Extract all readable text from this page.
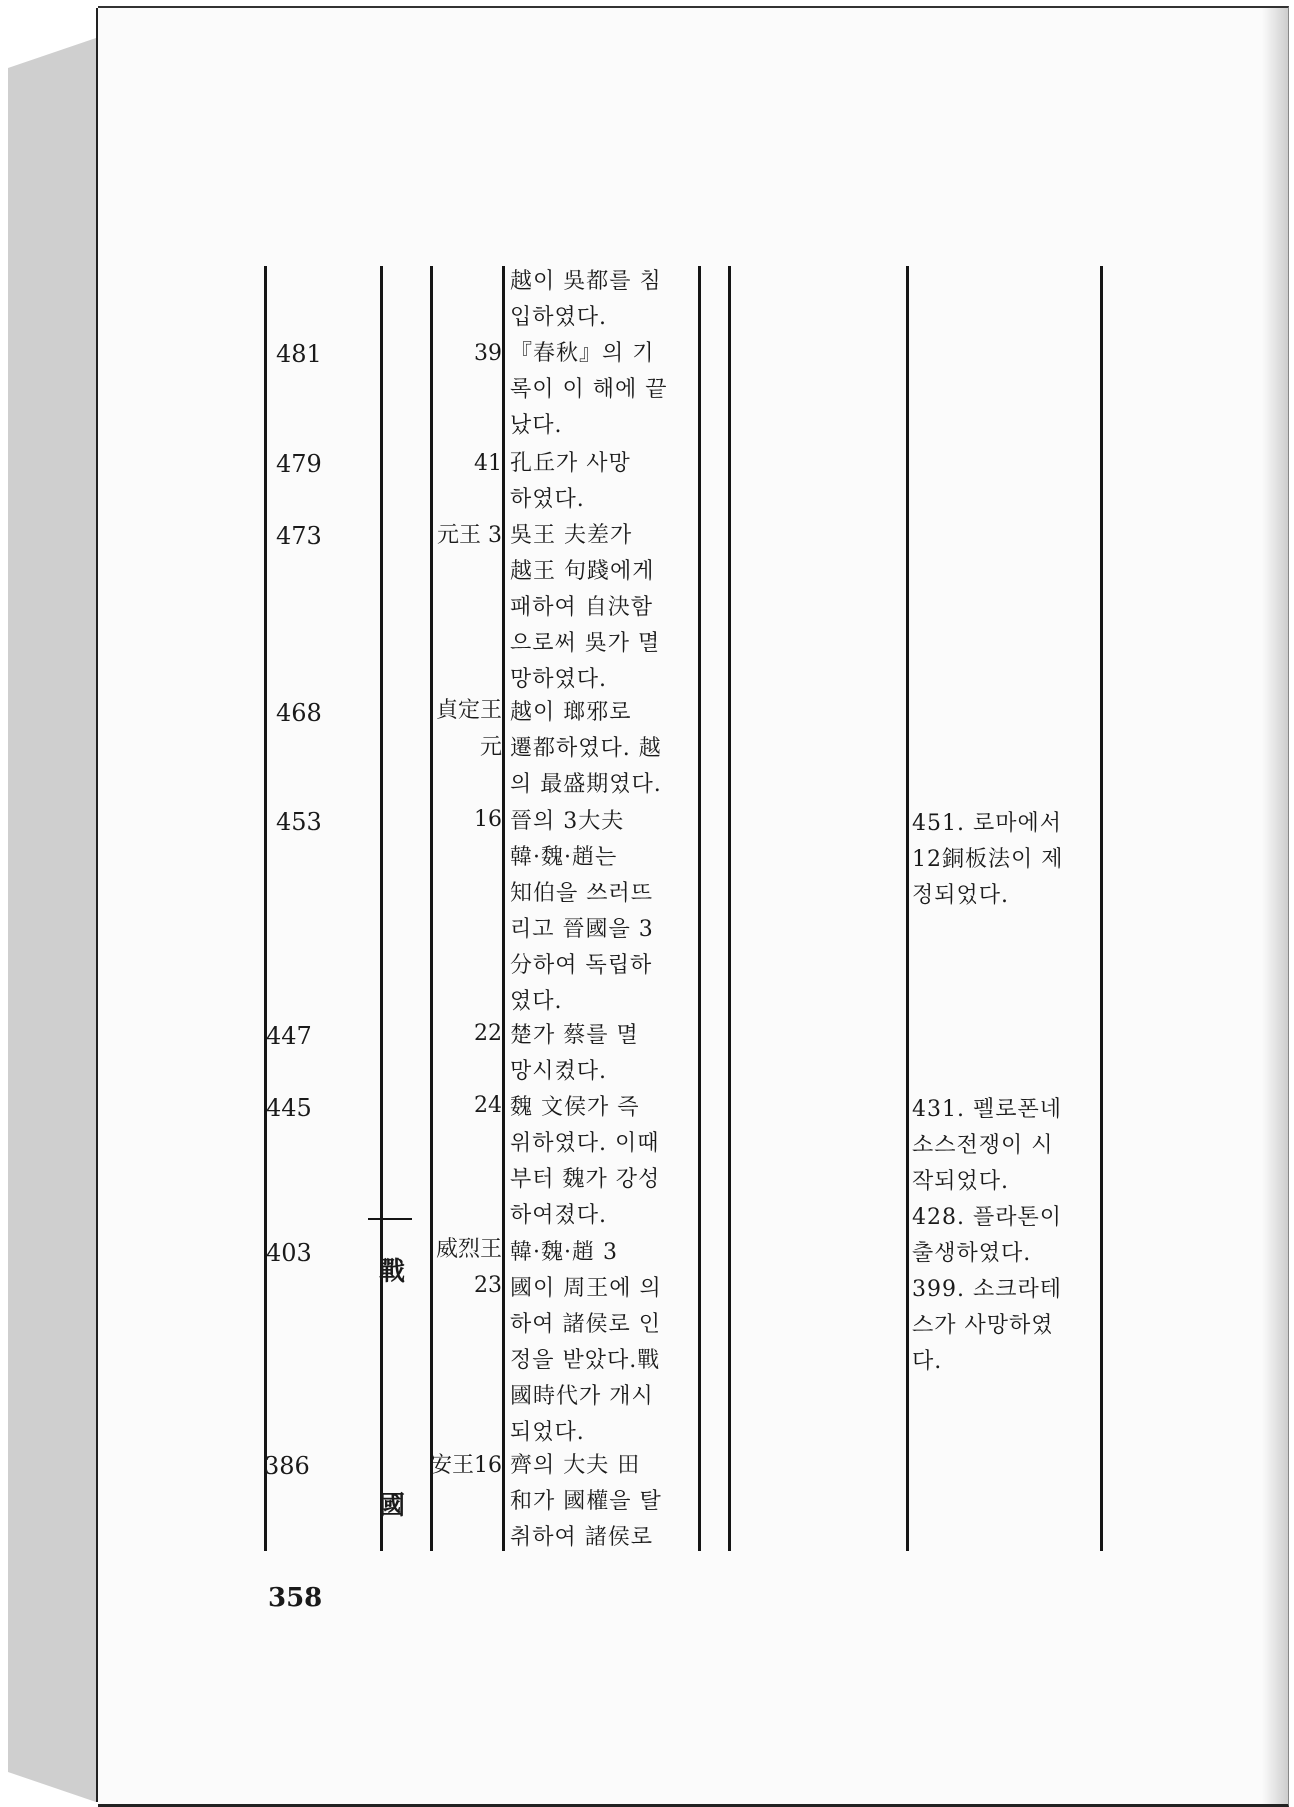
481
479
473
468
453
447
445
403
386
戰
國
39
41
元王 3
貞定王
元
16
22
24
威烈王
23
安王16
越이 吳都를 침
입하였다.
『春秋』의 기
록이 이 해에 끝
났다.
孔丘가 사망
하였다.
吳王 夫差가
越王 句踐에게
패하여 自決함
으로써 吳가 멸
망하였다.
越이 瑯邪로
遷都하였다. 越
의 最盛期였다.
晉의 3大夫
韓·魏·趙는
知伯을 쓰러뜨
리고 晉國을 3
分하여 독립하
였다.
楚가 蔡를 멸
망시켰다.
魏 文侯가 즉
위하였다. 이때
부터 魏가 강성
하여졌다.
韓·魏·趙 3
國이 周王에 의
하여 諸侯로 인
정을 받았다.戰
國時代가 개시
되었다.
齊의 大夫 田
和가 國權을 탈
취하여 諸侯로
451. 로마에서
12銅板法이 제
정되었다.
431. 펠로폰네
소스전쟁이 시
작되었다.
428. 플라톤이
출생하였다.
399. 소크라테
스가 사망하였
다.
358
